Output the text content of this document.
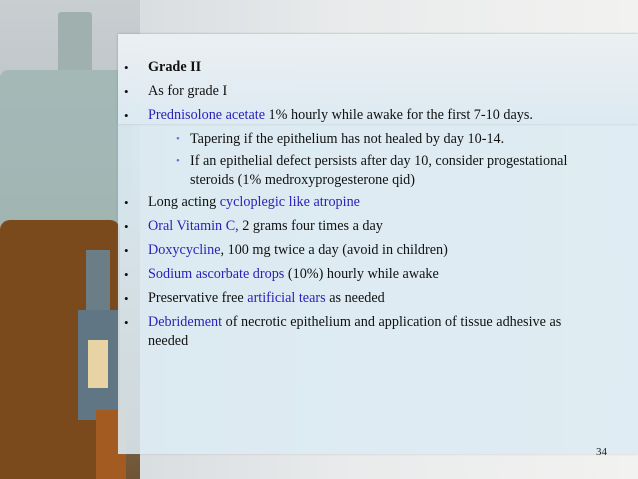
• Grade II
• As for grade I
• Prednisolone acetate 1% hourly while awake for the first 7-10 days.
• Tapering if the epithelium has not healed by day 10-14.
• If an epithelial defect persists after day 10, consider progestational steroids (1% medroxyprogesterone qid)
• Long acting cycloplegic like atropine
• Oral Vitamin C, 2 grams four times a day
• Doxycycline, 100 mg twice a day (avoid in children)
• Sodium ascorbate drops (10%) hourly while awake
• Preservative free artificial tears as needed
• Debridement of necrotic epithelium and application of tissue adhesive as needed
34
